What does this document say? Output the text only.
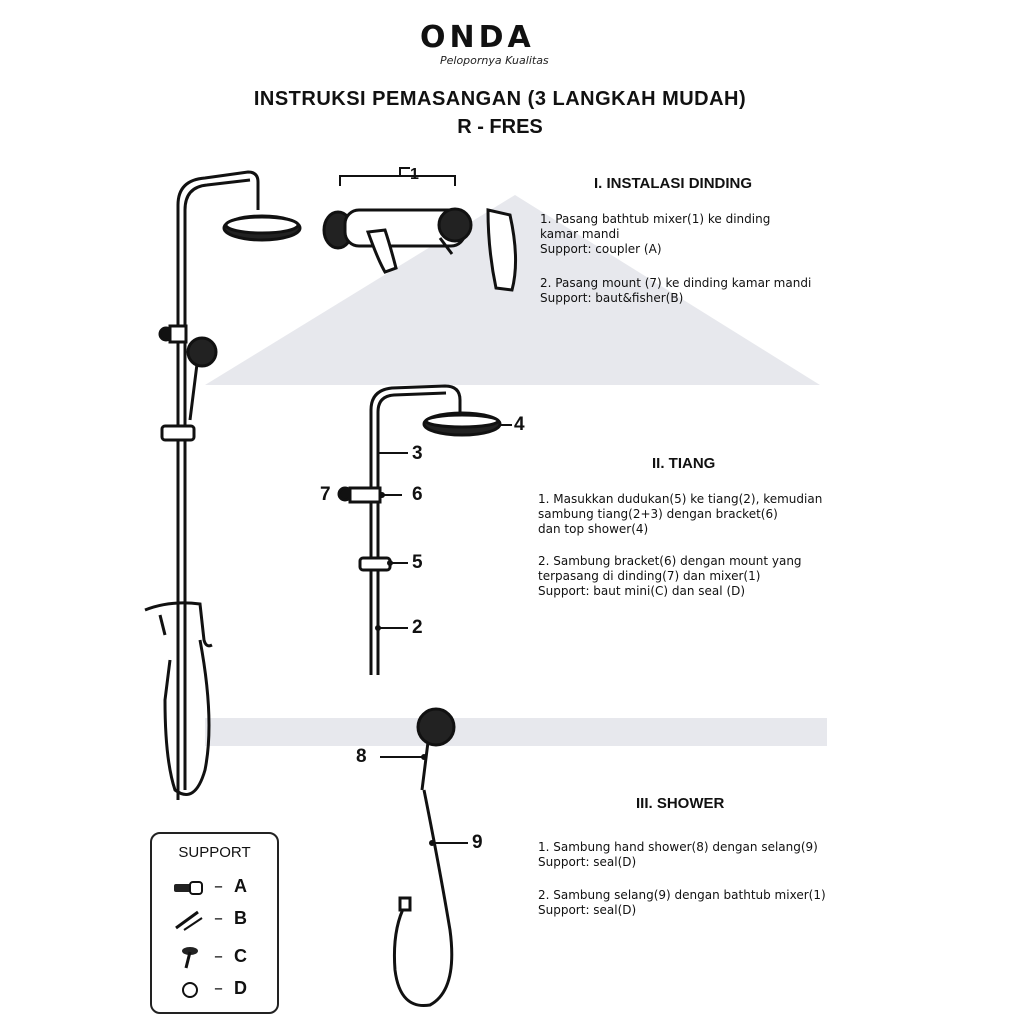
ONDA
Pelopornya Kualitas
INSTRUKSI PEMASANGAN (3 LANGKAH MUDAH)
R - FRES
I. INSTALASI DINDING
1. Pasang bathtub mixer(1) ke dinding
kamar mandi
Support: coupler (A)
2. Pasang mount (7) ke dinding kamar mandi
Support: baut&fisher(B)
II. TIANG
1. Masukkan dudukan(5) ke tiang(2), kemudian
sambung tiang(2+3) dengan bracket(6)
dan top shower(4)
2. Sambung bracket(6) dengan mount yang
terpasang di dinding(7) dan mixer(1)
Support: baut mini(C) dan seal (D)
III. SHOWER
1. Sambung hand shower(8) dengan selang(9)
Support: seal(D)
2. Sambung selang(9) dengan bathtub mixer(1)
Support: seal(D)
1
4
3
7	6
5
2
8
9
SUPPORT
– A
– B
– C
– D
